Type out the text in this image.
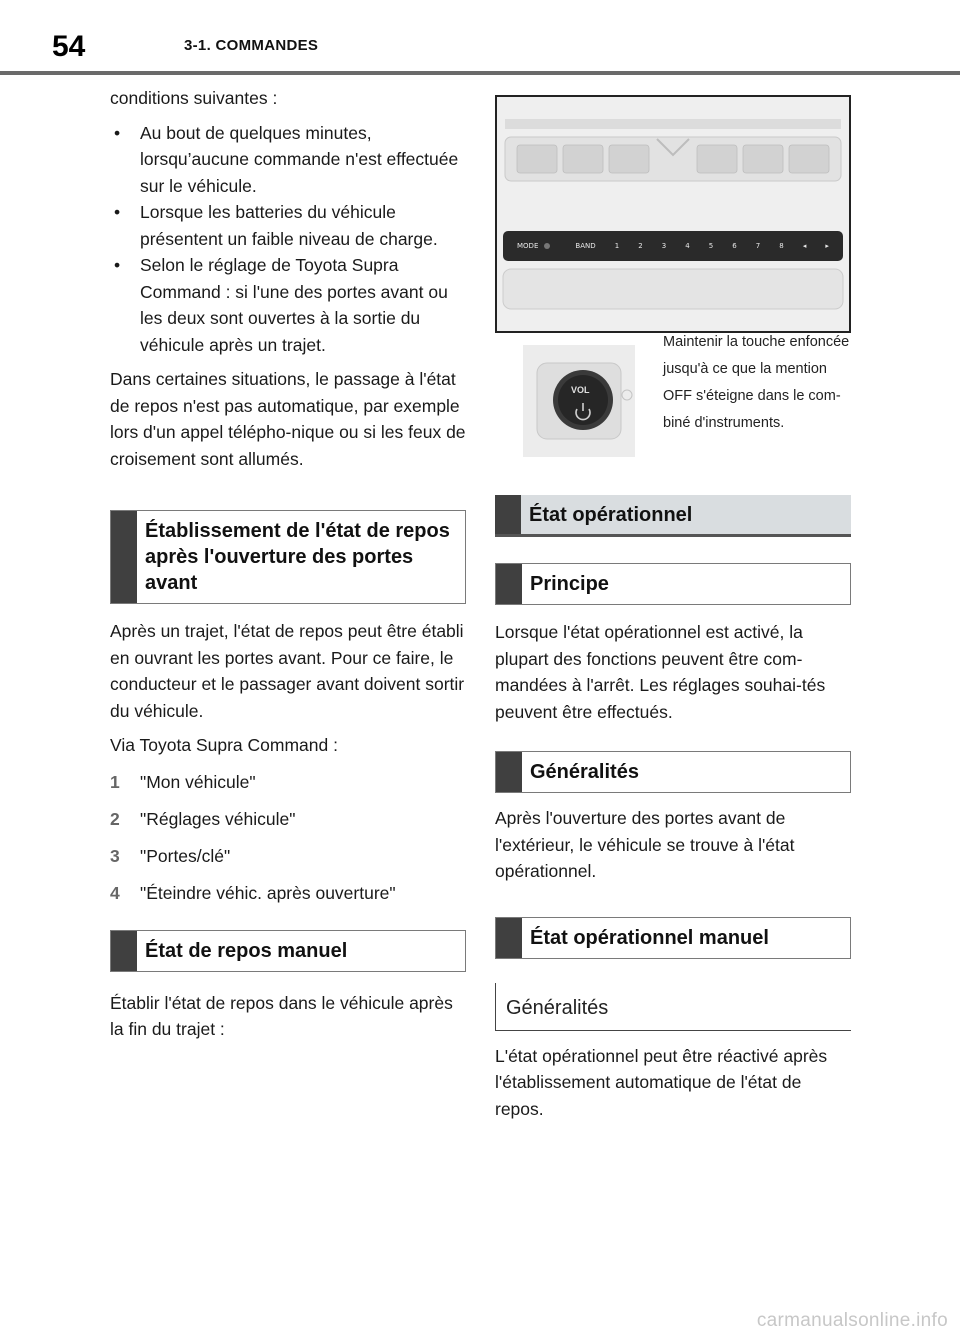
54	3-1. COMMANDES

conditions suivantes :

• Au bout de quelques minutes, lorsqu’aucune commande n'est effectuée sur le véhicule.
• Lorsque les batteries du véhicule présentent un faible niveau de charge.
• Selon le réglage de Toyota Supra Command : si l'une des portes avant ou les deux sont ouvertes à la sortie du véhicule après un trajet.

Dans certaines situations, le passage à l'état de repos n'est pas automatique, par exemple lors d'un appel télépho-nique ou si les feux de croisement sont allumés.

Établissement de l'état de repos après l'ouverture des portes avant

Après un trajet, l'état de repos peut être établi en ouvrant les portes avant. Pour ce faire, le conducteur et le passager avant doivent sortir du véhicule.

Via Toyota Supra Command :

1	"Mon véhicule"
2	"Réglages véhicule"
3	"Portes/clé"
4	"Éteindre véhic. après ouverture"
État de repos manuel

Établir l'état de repos dans le véhicule après la fin du trajet :

MODE	BAND	1	2	3	4	5	6	7	8	◂	▸
VOL
Maintenir la touche enfoncée jusqu'à ce que la mention OFF s'éteigne dans le com-biné d'instruments.
État opérationnel
Principe

Lorsque l'état opérationnel est activé, la plupart des fonctions peuvent être com-mandées à l'arrêt. Les réglages souhai-tés peuvent être effectués.

Généralités

Après l'ouverture des portes avant de l'extérieur, le véhicule se trouve à l'état opérationnel.

État opérationnel manuel
Généralités

L'état opérationnel peut être réactivé après l'établissement automatique de l'état de repos.

carmanualsonline.info
